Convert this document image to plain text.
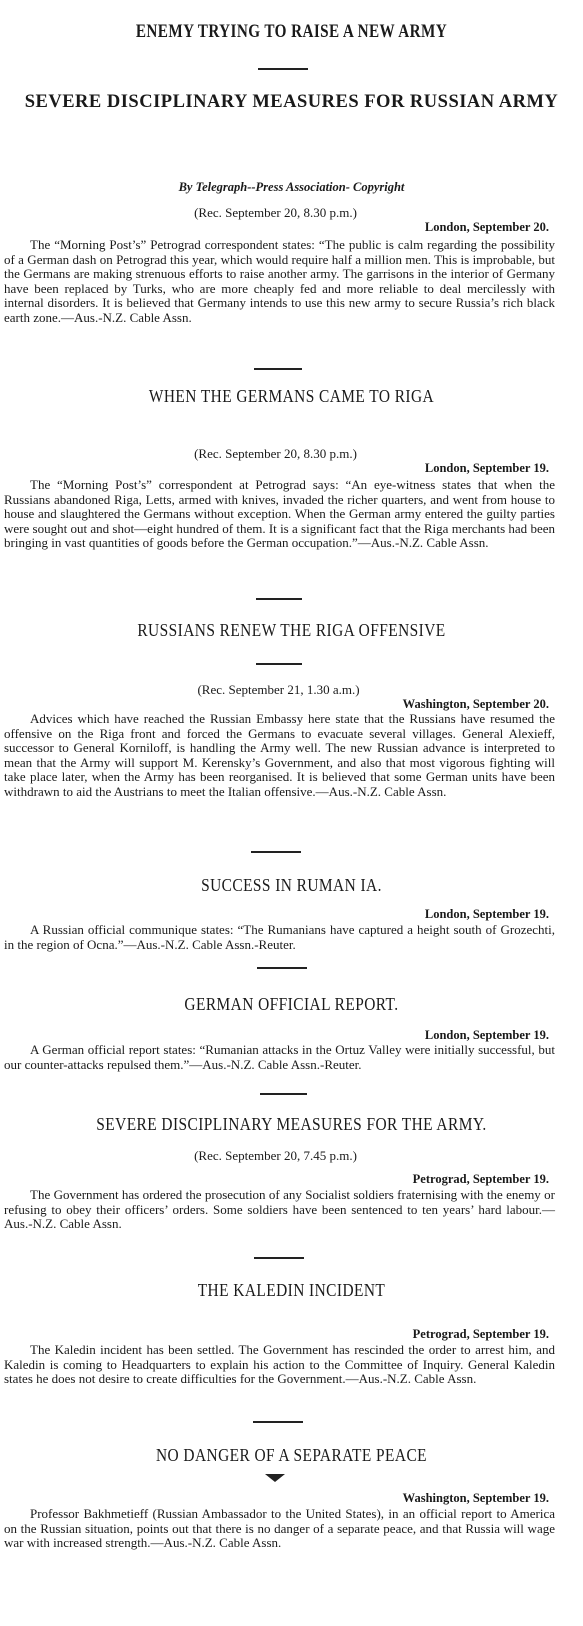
ENEMY TRYING TO RAISE A NEW ARMY
SEVERE DISCIPLINARY MEASURES FOR RUSSIAN ARMY
By Telegraph--Press Association- Copyright
(Rec. September 20, 8.30 p.m.)
London, September 20.
The “Morning Post’s” Petrograd correspondent states: “The public is calm regarding the possibility of a German dash on Petrograd this year, which would require half a million men. This is improbable, but the Germans are making strenuous efforts to raise another army. The garrisons in the interior of Germany have been replaced by Turks, who are more cheaply fed and more reliable to deal mercilessly with internal disorders. It is believed that Germany intends to use this new army to secure Russia’s rich black earth zone.—Aus.-N.Z. Cable Assn.
WHEN THE GERMANS CAME TO RIGA
(Rec. September 20, 8.30 p.m.)
London, September 19.
The “Morning Post’s” correspondent at Petrograd says: “An eye-witness states that when the Russians abandoned Riga, Letts, armed with knives, invaded the richer quarters, and went from house to house and slaughtered the Germans without exception. When the German army entered the guilty parties were sought out and shot—eight hundred of them. It is a significant fact that the Riga merchants had been bringing in vast quantities of goods before the German occupation.”—Aus.-N.Z. Cable Assn.
RUSSIANS RENEW THE RIGA OFFENSIVE
(Rec. September 21, 1.30 a.m.)
Washington, September 20.
Advices which have reached the Russian Embassy here state that the Russians have resumed the offensive on the Riga front and forced the Germans to evacuate several villages. General Alexieff, successor to General Korniloff, is handling the Army well. The new Russian advance is interpreted to mean that the Army will support M. Kerensky’s Government, and also that most vigorous fighting will take place later, when the Army has been reorganised. It is believed that some German units have been withdrawn to aid the Austrians to meet the Italian offensive.—Aus.-N.Z. Cable Assn.
SUCCESS IN RUMAN IA.
London, September 19.
A Russian official communique states: “The Rumanians have captured a height south of Grozechti, in the region of Ocna.”—Aus.-N.Z. Cable Assn.-Reuter.
GERMAN OFFICIAL REPORT.
London, September 19.
A German official report states: “Rumanian attacks in the Ortuz Valley were initially successful, but our counter-attacks repulsed them.”—Aus.-N.Z. Cable Assn.-Reuter.
SEVERE DISCIPLINARY MEASURES FOR THE ARMY.
(Rec. September 20, 7.45 p.m.)
Petrograd, September 19.
The Government has ordered the prosecution of any Socialist soldiers fraternising with the enemy or refusing to obey their officers’ orders. Some soldiers have been sentenced to ten years’ hard labour.—Aus.-N.Z. Cable Assn.
THE KALEDIN INCIDENT
Petrograd, September 19.
The Kaledin incident has been settled. The Government has rescinded the order to arrest him, and Kaledin is coming to Headquarters to explain his action to the Committee of Inquiry. General Kaledin states he does not desire to create difficulties for the Government.—Aus.-N.Z. Cable Assn.
NO DANGER OF A SEPARATE PEACE
Washington, September 19.
Professor Bakhmetieff (Russian Ambassador to the United States), in an official report to America on the Russian situation, points out that there is no danger of a separate peace, and that Russia will wage war with increased strength.—Aus.-N.Z. Cable Assn.
